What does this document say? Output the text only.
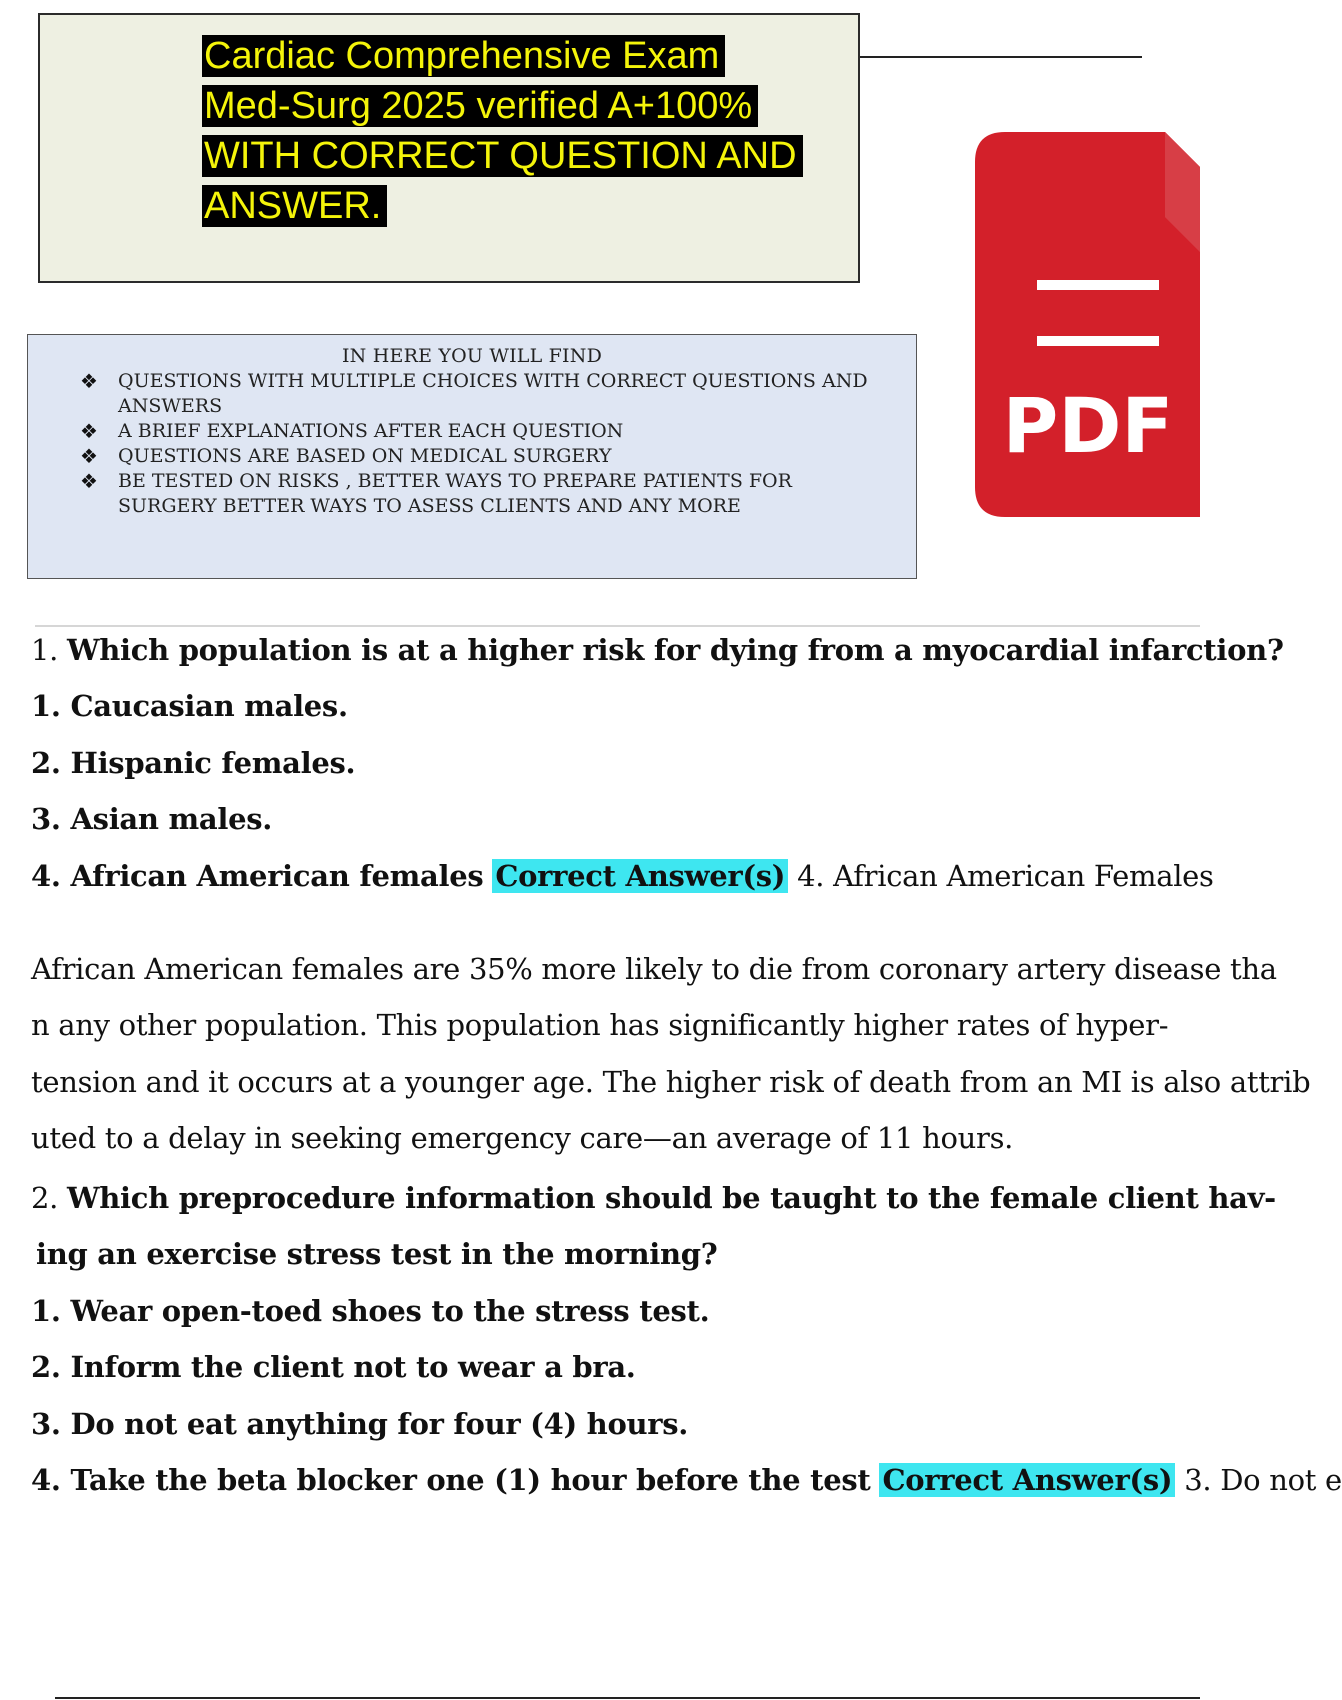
Cardiac Comprehensive Exam
Med-Surg 2025 verified A+100%
WITH CORRECT QUESTION AND
ANSWER.
IN HERE YOU WILL FIND
❖ QUESTIONS WITH MULTIPLE CHOICES WITH CORRECT QUESTIONS AND ANSWERS
❖ A BRIEF EXPLANATIONS AFTER EACH QUESTION
❖ QUESTIONS ARE BASED ON MEDICAL SURGERY
❖ BE TESTED ON RISKS , BETTER WAYS TO PREPARE PATIENTS FOR SURGERY BETTER WAYS TO ASESS CLIENTS AND ANY MORE
PDF
1. Which population is at a higher risk for dying from a myocardial infarction?
1. Caucasian males.
2. Hispanic females.
3. Asian males.
4. African American females Correct Answer(s) 4. African American Females
African American females are 35% more likely to die from coronary artery disease tha
n any other population. This population has significantly higher rates of hyper-
tension and it occurs at a younger age. The higher risk of death from an MI is also attrib
uted to a delay in seeking emergency care—an average of 11 hours.
2. Which preprocedure information should be taught to the female client hav-
ing an exercise stress test in the morning?
1. Wear open-toed shoes to the stress test.
2. Inform the client not to wear a bra.
3. Do not eat anything for four (4) hours.
4. Take the beta blocker one (1) hour before the test Correct Answer(s) 3. Do not e
